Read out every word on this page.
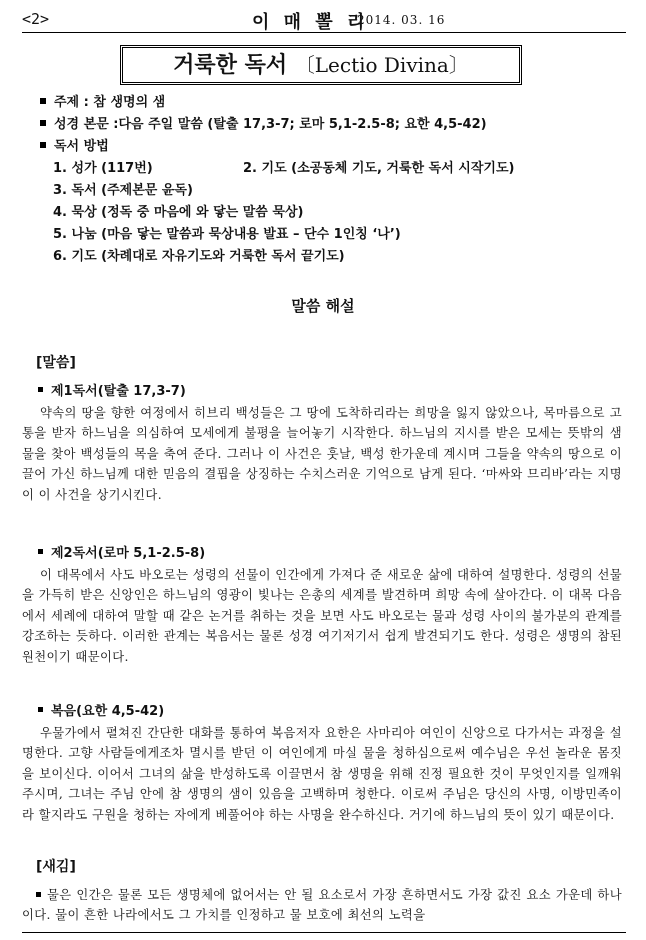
<2>	이 매 뽈 리
2014. 03. 16
거룩한 독서 〔Lectio Divina〕
주제 : 참 생명의 샘
성경 본문 :다음 주일 말씀 (탈출 17,3-7; 로마 5,1-2.5-8; 요한 4,5-42)
독서 방법
1. 성가 (117번)	2. 기도 (소공동체 기도, 거룩한 독서 시작기도)
3. 독서 (주제본문 윤독)
4. 묵상 (정독 중 마음에 와 닿는 말씀 묵상)
5. 나눔 (마음 닿는 말씀과 묵상내용 발표 – 단수 1인칭 ‘나’)
6. 기도 (차례대로 자유기도와 거룩한 독서 끝기도)
말씀 해설
[말씀]
제1독서(탈출 17,3-7)
약속의 땅을 향한 여정에서 히브리 백성들은 그 땅에 도착하리라는 희망을 잃지 않았으나, 목마름으로 고통을 받자 하느님을 의심하여 모세에게 불평을 늘어놓기 시작한다. 하느님의 지시를 받은 모세는 뜻밖의 샘물을 찾아 백성들의 목을 축여 준다. 그러나 이 사건은 훗날, 백성 한가운데 계시며 그들을 약속의 땅으로 이끌어 가신 하느님께 대한 믿음의 결핍을 상징하는 수치스러운 기억으로 남게 된다. ‘마싸와 므리바’라는 지명이 이 사건을 상기시킨다.
제2독서(로마 5,1-2.5-8)
이 대목에서 사도 바오로는 성령의 선물이 인간에게 가져다 준 새로운 삶에 대하여 설명한다. 성령의 선물을 가득히 받은 신앙인은 하느님의 영광이 빛나는 은총의 세계를 발견하며 희망 속에 살아간다. 이 대목 다음에서 세례에 대하여 말할 때 같은 논거를 취하는 것을 보면 사도 바오로는 물과 성령 사이의 불가분의 관계를 강조하는 듯하다. 이러한 관계는 복음서는 물론 성경 여기저기서 쉽게 발견되기도 한다. 성령은 생명의 참된 원천이기 때문이다.
복음(요한 4,5-42)
우물가에서 펼쳐진 간단한 대화를 통하여 복음저자 요한은 사마리아 여인이 신앙으로 다가서는 과정을 설명한다. 고향 사람들에게조차 멸시를 받던 이 여인에게 마실 물을 청하심으로써 예수님은 우선 놀라운 몸짓을 보이신다. 이어서 그녀의 삶을 반성하도록 이끌면서 참 생명을 위해 진정 필요한 것이 무엇인지를 일깨워 주시며, 그녀는 주님 안에 참 생명의 샘이 있음을 고백하며 청한다. 이로써 주님은 당신의 사명, 이방민족이라 할지라도 구원을 청하는 자에게 베풀어야 하는 사명을 완수하신다. 거기에 하느님의 뜻이 있기 때문이다.
[새김]
물은 인간은 물론 모든 생명체에 없어서는 안 될 요소로서 가장 흔하면서도 가장 값진 요소 가운데 하나이다. 물이 흔한 나라에서도 그 가치를 인정하고 물 보호에 최선의 노력을
